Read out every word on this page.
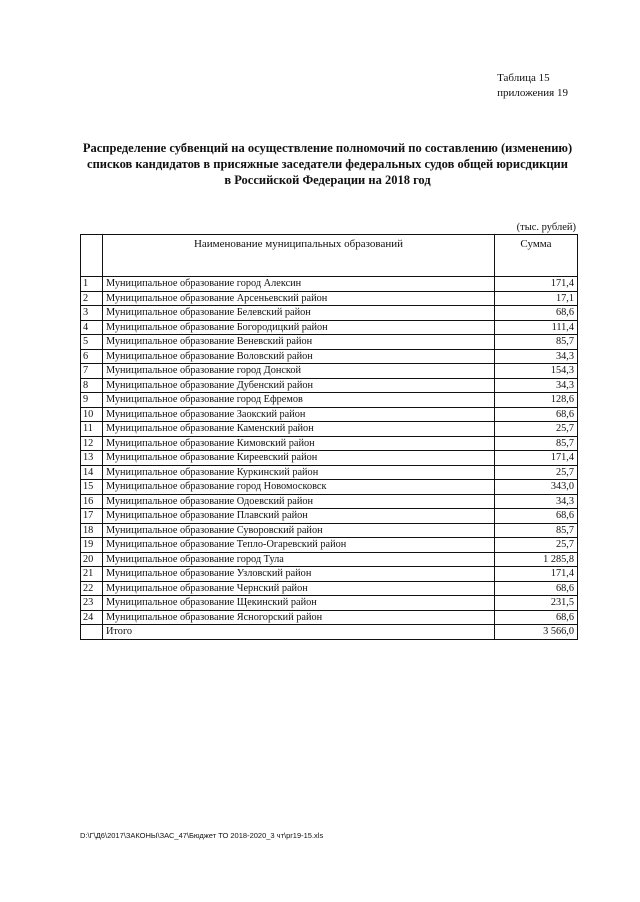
Таблица 15
приложения 19
Распределение субвенций на осуществление полномочий по составлению (изменению)
списков кандидатов в присяжные заседатели федеральных судов общей юрисдикции
в Российской Федерации на 2018 год
(тыс. рублей)
	Наименование муниципальных образований	Сумма
1	Муниципальное образование город Алексин	171,4
2	Муниципальное образование Арсеньевский район	17,1
3	Муниципальное образование Белевский район	68,6
4	Муниципальное образование Богородицкий район	111,4
5	Муниципальное образование Веневский район	85,7
6	Муниципальное образование Воловский район	34,3
7	Муниципальное образование город Донской	154,3
8	Муниципальное образование Дубенский район	34,3
9	Муниципальное образование город Ефремов	128,6
10	Муниципальное образование Заокский район	68,6
11	Муниципальное образование Каменский район	25,7
12	Муниципальное образование Кимовский район	85,7
13	Муниципальное образование Киреевский район	171,4
14	Муниципальное образование Куркинский район	25,7
15	Муниципальное образование город Новомосковск	343,0
16	Муниципальное образование Одоевский район	34,3
17	Муниципальное образование Плавский район	68,6
18	Муниципальное образование Суворовский район	85,7
19	Муниципальное образование Тепло-Огаревский район	25,7
20	Муниципальное образование город Тула	1 285,8
21	Муниципальное образование Узловский район	171,4
22	Муниципальное образование Чернский район	68,6
23	Муниципальное образование Щекинский район	231,5
24	Муниципальное образование Ясногорский район	68,6
	Итого	3 566,0
D:\Г\Д6\2017\ЗАКОНЫ\ЗАС_47\Бюджет ТО 2018-2020_3 чт\pr19-15.xls
